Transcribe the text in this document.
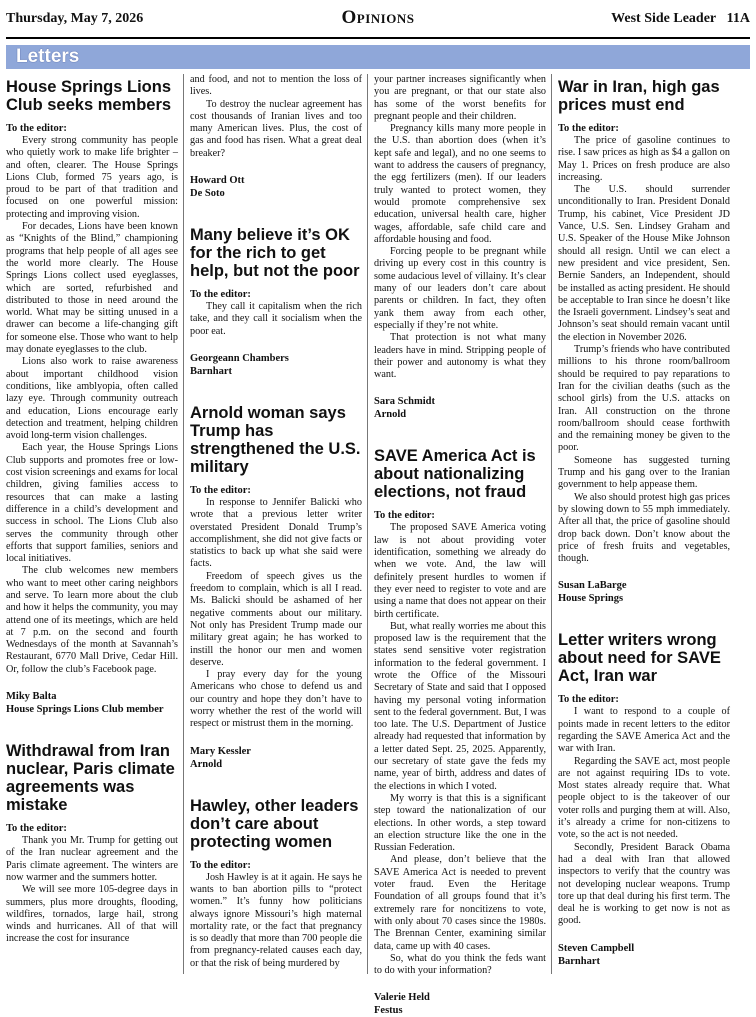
Thursday, May 7, 2026	Opinions	West Side Leader 11A
Letters
House Springs Lions Club seeks members
To the editor:

Every strong community has people who quietly work to make life brighter – and often, clearer. The House Springs Lions Club, formed 75 years ago, is proud to be part of that tradition and focused on one powerful mission: protecting and improving vision.

For decades, Lions have been known as “Knights of the Blind,” championing programs that help people of all ages see the world more clearly. The House Springs Lions collect used eyeglasses, which are sorted, refurbished and distributed to those in need around the world. What may be sitting unused in a drawer can become a life-changing gift for someone else. Those who want to help may donate eyeglasses to the club.

Lions also work to raise awareness about important childhood vision conditions, like amblyopia, often called lazy eye. Through community outreach and education, Lions encourage early detection and treatment, helping children avoid long-term vision challenges.

Each year, the House Springs Lions Club supports and promotes free or low-cost vision screenings and exams for local children, giving families access to resources that can make a lasting difference in a child’s development and success in school. The Lions Club also serves the community through other efforts that support families, seniors and local initiatives.

The club welcomes new members who want to meet other caring neighbors and serve. To learn more about the club and how it helps the community, you may attend one of its meetings, which are held at 7 p.m. on the second and fourth Wednesdays of the month at Savannah’s Restaurant, 6770 Mall Drive, Cedar Hill. Or, follow the club’s Facebook page.

Miky Balta
House Springs Lions Club member
Withdrawal from Iran nuclear, Paris climate agreements was mistake
To the editor:

Thank you Mr. Trump for getting out of the Iran nuclear agreement and the Paris climate agreement. The winters are now warmer and the summers hotter.

We will see more 105-degree days in summers, plus more droughts, flooding, wildfires, tornados, large hail, strong winds and hurricanes. All of that will increase the cost for insurance

and food, and not to mention the loss of lives.

To destroy the nuclear agreement has cost thousands of Iranian lives and too many American lives. Plus, the cost of gas and food has risen. What a great deal breaker?

Howard Ott
De Soto
Many believe it’s OK for the rich to get help, but not the poor
To the editor:

They call it capitalism when the rich take, and they call it socialism when the poor eat.

Georgeann Chambers
Barnhart
Arnold woman says Trump has strengthened the U.S. military
To the editor:

In response to Jennifer Balicki who wrote that a previous letter writer overstated President Donald Trump’s accomplishment, she did not give facts or statistics to back up what she said were facts.

Freedom of speech gives us the freedom to complain, which is all I read. Ms. Balicki should be ashamed of her negative comments about our military. Not only has President Trump made our military great again; he has worked to instill the honor our men and women deserve.

I pray every day for the young Americans who chose to defend us and our country and hope they don’t have to worry whether the rest of the world will respect or mistrust them in the morning.

Mary Kessler
Arnold
Hawley, other leaders don’t care about protecting women
To the editor:

Josh Hawley is at it again. He says he wants to ban abortion pills to “protect women.” It’s funny how politicians always ignore Missouri’s high maternal mortality rate, or the fact that pregnancy is so deadly that more than 700 people die from pregnancy-related causes each day, or that the risk of being murdered by

your partner increases significantly when you are pregnant, or that our state also has some of the worst benefits for pregnant people and their children.

Pregnancy kills many more people in the U.S. than abortion does (when it’s kept safe and legal), and no one seems to want to address the causers of pregnancy, the egg fertilizers (men). If our leaders truly wanted to protect women, they would promote comprehensive sex education, universal health care, higher wages, affordable, safe child care and affordable housing and food.

Forcing people to be pregnant while driving up every cost in this country is some audacious level of villainy. It’s clear many of our leaders don’t care about parents or children. In fact, they often yank them away from each other, especially if they’re not white.

That protection is not what many leaders have in mind. Stripping people of their power and autonomy is what they want.

Sara Schmidt
Arnold
SAVE America Act is about nationalizing elections, not fraud
To the editor:

The proposed SAVE America voting law is not about providing voter identification, something we already do when we vote. And, the law will definitely present hurdles to women if they ever need to register to vote and are using a name that does not appear on their birth certificate.

But, what really worries me about this proposed law is the requirement that the states send sensitive voter registration information to the federal government. I wrote the Office of the Missouri Secretary of State and said that I opposed having my personal voting information sent to the federal government. But, I was too late. The U.S. Department of Justice already had requested that information by a letter dated Sept. 25, 2025. Apparently, our secretary of state gave the feds my name, year of birth, address and dates of the elections in which I voted.

My worry is that this is a significant step toward the nationalization of our elections. In other words, a step toward an election structure like the one in the Russian Federation.

And please, don’t believe that the SAVE America Act is needed to prevent voter fraud. Even the Heritage Foundation of all groups found that it’s extremely rare for noncitizens to vote, with only about 70 cases since the 1980s. The Brennan Center, examining similar data, came up with 40 cases.

So, what do you think the feds want to do with your information?

Valerie Held
Festus
War in Iran, high gas prices must end
To the editor:

The price of gasoline continues to rise. I saw prices as high as $4 a gallon on May 1. Prices on fresh produce are also increasing.

The U.S. should surrender unconditionally to Iran. President Donald Trump, his cabinet, Vice President JD Vance, U.S. Sen. Lindsey Graham and U.S. Speaker of the House Mike Johnson should all resign. Until we can elect a new president and vice president, Sen. Bernie Sanders, an Independent, should be installed as acting president. He should be acceptable to Iran since he doesn’t like the Israeli government. Lindsey’s seat and Johnson’s seat should remain vacant until the election in November 2026.

Trump’s friends who have contributed millions to his throne room/ballroom should be required to pay reparations to Iran for the civilian deaths (such as the school girls) from the U.S. attacks on Iran. All construction on the throne room/ballroom should cease forthwith and the remaining money be given to the poor.

Someone has suggested turning Trump and his gang over to the Iranian government to help appease them.

We also should protest high gas prices by slowing down to 55 mph immediately. After all that, the price of gasoline should drop back down. Don’t know about the price of fresh fruits and vegetables, though.

Susan LaBarge
House Springs
Letter writers wrong about need for SAVE Act, Iran war
To the editor:

I want to respond to a couple of points made in recent letters to the editor regarding the SAVE America Act and the war with Iran.

Regarding the SAVE act, most people are not against requiring IDs to vote. Most states already require that. What people object to is the takeover of our voter rolls and purging them at will. Also, it’s already a crime for non-citizens to vote, so the act is not needed.

Secondly, President Barack Obama had a deal with Iran that allowed inspectors to verify that the country was not developing nuclear weapons. Trump tore up that deal during his first term. The deal he is working to get now is not as good.

Steven Campbell
Barnhart
